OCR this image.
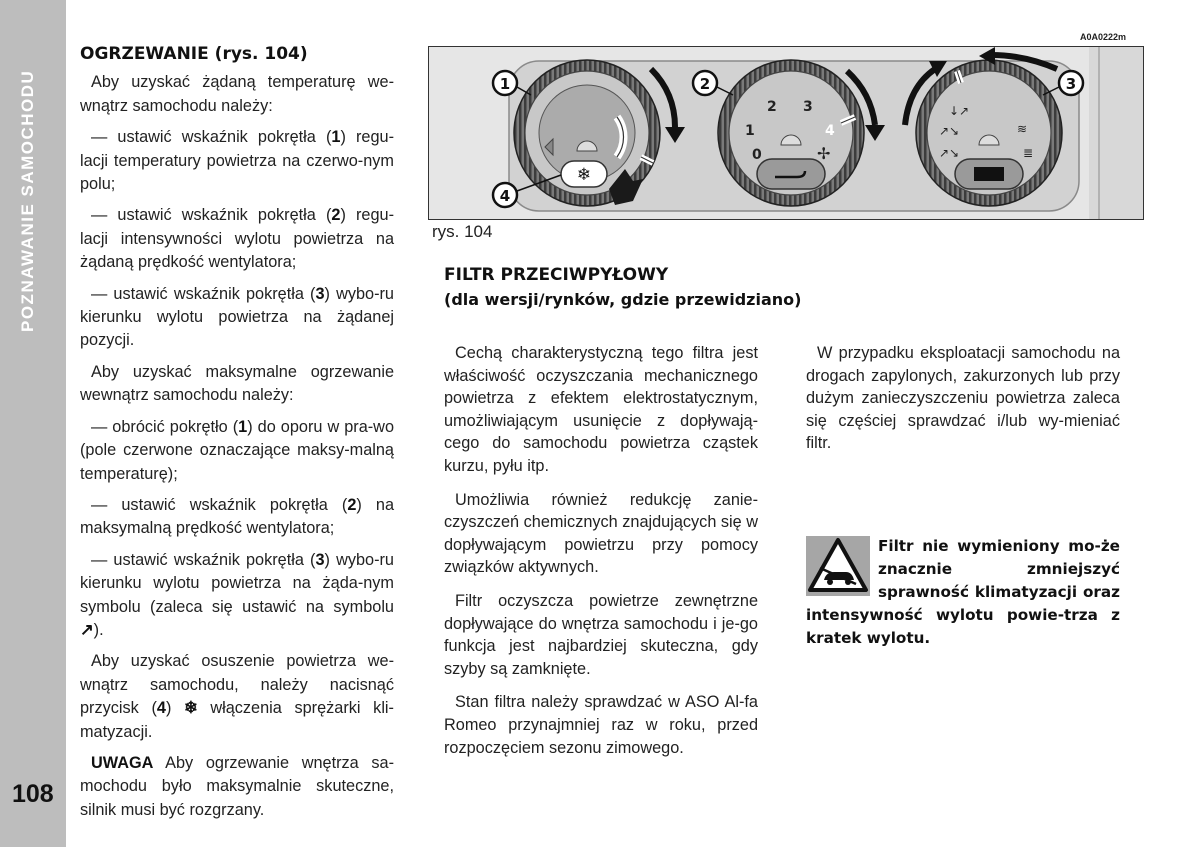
POZNAWANIE SAMOCHODU
108
OGRZEWANIE (rys. 104)

Aby uzyskać żądaną temperaturę we-wnątrz samochodu należy:

— ustawić wskaźnik pokrętła (1) regu-lacji temperatury powietrza na czerwo-nym polu;

— ustawić wskaźnik pokrętła (2) regu-lacji intensywności wylotu powietrza na żądaną prędkość wentylatora;

— ustawić wskaźnik pokrętła (3) wybo-ru kierunku wylotu powietrza na żądanej pozycji.

Aby uzyskać maksymalne ogrzewanie wewnątrz samochodu należy:

— obrócić pokrętło (1) do oporu w pra-wo (pole czerwone oznaczające maksy-malną temperaturę);

— ustawić wskaźnik pokrętła (2) na maksymalną prędkość wentylatora;

— ustawić wskaźnik pokrętła (3) wybo-ru kierunku wylotu powietrza na żąda-nym symbolu (zaleca się ustawić na symbolu ↗).

Aby uzyskać osuszenie powietrza we-wnątrz samochodu, należy nacisnąć przycisk (4) ❄ włączenia sprężarki kli-matyzacji.

UWAGA Aby ogrzewanie wnętrza sa-mochodu było maksymalnie skuteczne, silnik musi być rozgrzany.

A0A0222m
❄
0
1
2 3
4
✢
↓↗
↗↘
↗↘
≋
≣
1	2	3
4
rys. 104
FILTR PRZECIWPYŁOWY
(dla wersji/rynków, gdzie przewidziano)

Cechą charakterystyczną tego filtra jest właściwość oczyszczania mechanicznego powietrza z efektem elektrostatycznym, umożliwiającym usunięcie z dopływają-cego do samochodu powietrza cząstek kurzu, pyłu itp.

Umożliwia również redukcję zanie-czyszczeń chemicznych znajdujących się w dopływającym powietrzu przy pomocy związków aktywnych.

Filtr oczyszcza powietrze zewnętrzne dopływające do wnętrza samochodu i je-go funkcja jest najbardziej skuteczna, gdy szyby są zamknięte.

Stan filtra należy sprawdzać w ASO Al-fa Romeo przynajmniej raz w roku, przed rozpoczęciem sezonu zimowego.

W przypadku eksploatacji samochodu na drogach zapylonych, zakurzonych lub przy dużym zanieczyszczeniu powietrza zaleca się częściej sprawdzać i/lub wy-mieniać filtr.

Filtr nie wymieniony mo-że znacznie zmniejszyć sprawność klimatyzacji oraz intensywność wylotu powie-trza z kratek wylotu.
